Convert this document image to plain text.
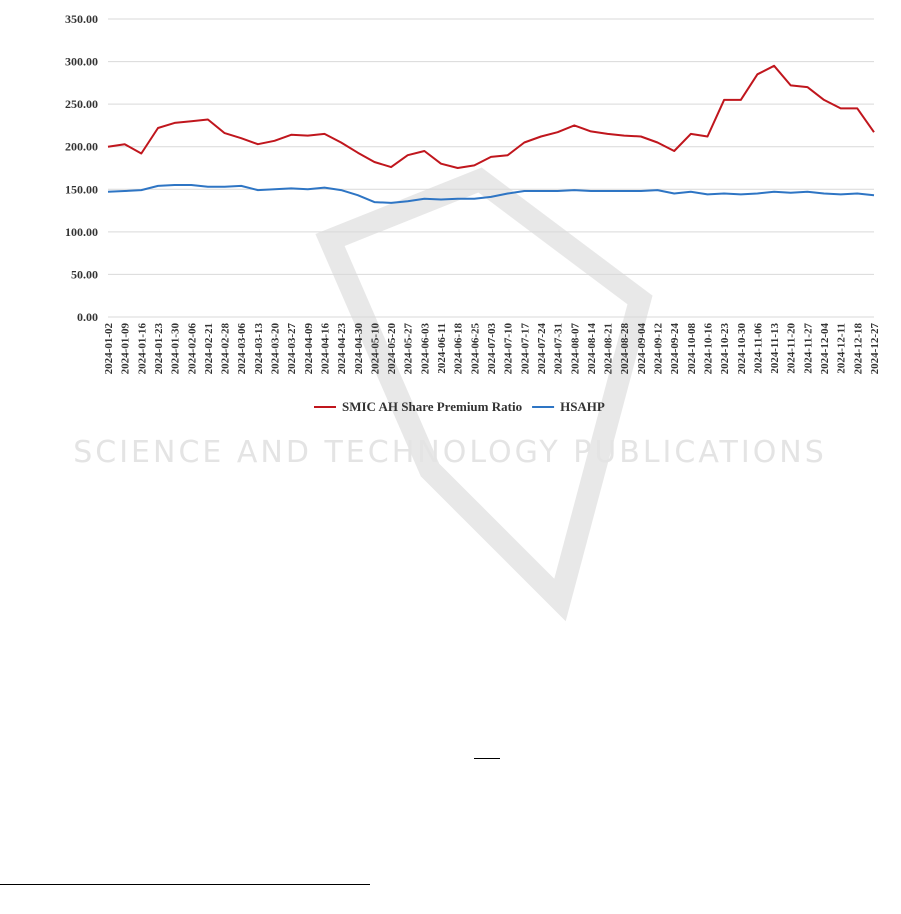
SCIENCE AND TECHNOLOGY PUBLICATIONS
0.00
50.00
100.00
150.00
200.00
250.00
300.00
350.00
2024-01-02 2024-01-09 2024-01-16 2024-01-23 2024-01-30 2024-02-06 2024-02-21 2024-02-28 2024-03-06 2024-03-13 2024-03-20 2024-03-27 2024-04-09 2024-04-16 2024-04-23 2024-04-30 2024-05-10 2024-05-20 2024-05-27 2024-06-03 2024-06-11 2024-06-18 2024-06-25 2024-07-03 2024-07-10 2024-07-17 2024-07-24 2024-07-31 2024-08-07 2024-08-14 2024-08-21 2024-08-28 2024-09-04 2024-09-12 2024-09-24 2024-10-08 2024-10-16 2024-10-23 2024-10-30 2024-11-06 2024-11-13 2024-11-20 2024-11-27 2024-12-04 2024-12-11 2024-12-18 2024-12-27
SMIC AH Share Premium Ratio	HSAHP
